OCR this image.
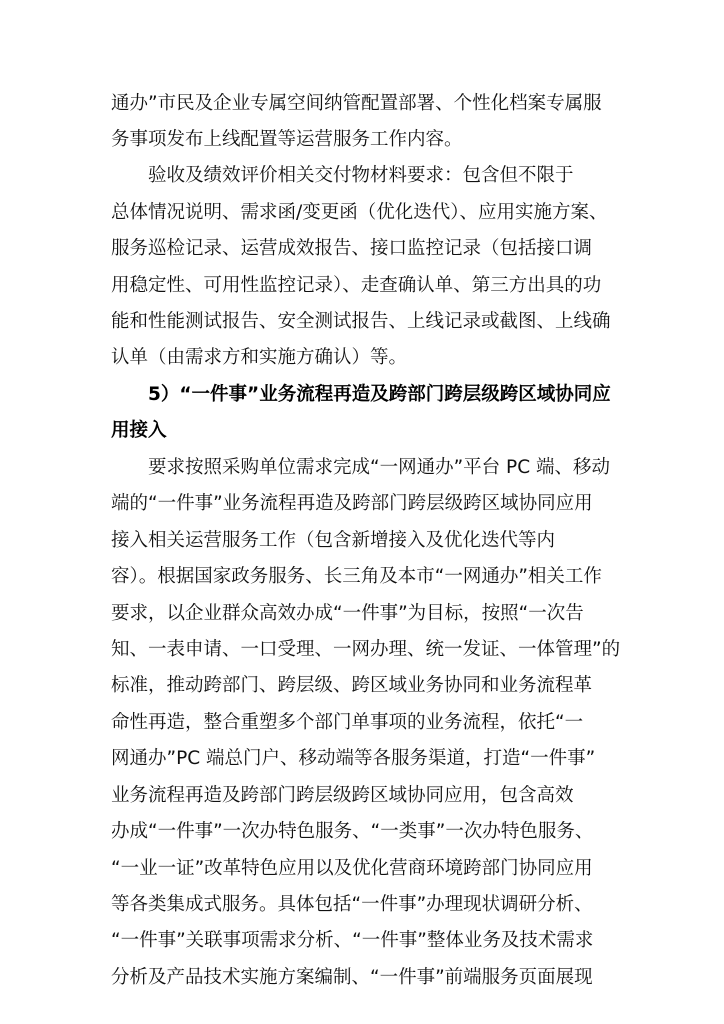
通办”市民及企业专属空间纳管配置部署、个性化档案专属服
务事项发布上线配置等运营服务工作内容。
验收及绩效评价相关交付物材料要求：包含但不限于
总体情况说明、需求函/变更函（优化迭代）、应用实施方案、
服务巡检记录、运营成效报告、接口监控记录（包括接口调
用稳定性、可用性监控记录）、走查确认单、第三方出具的功
能和性能测试报告、安全测试报告、上线记录或截图、上线确
认单（由需求方和实施方确认）等。
5）“一件事”业务流程再造及跨部门跨层级跨区域协同应
用接入
要求按照采购单位需求完成“一网通办”平台 PC 端、移动
端的“一件事”业务流程再造及跨部门跨层级跨区域协同应用
接入相关运营服务工作（包含新增接入及优化迭代等内
容）。根据国家政务服务、长三角及本市“一网通办”相关工作
要求，以企业群众高效办成“一件事”为目标，按照“一次告
知、一表申请、一口受理、一网办理、统一发证、一体管理”的
标准，推动跨部门、跨层级、跨区域业务协同和业务流程革
命性再造，整合重塑多个部门单事项的业务流程，依托“一
网通办”PC 端总门户、移动端等各服务渠道，打造“一件事”
业务流程再造及跨部门跨层级跨区域协同应用，包含高效
办成“一件事”一次办特色服务、“一类事”一次办特色服务、
“一业一证”改革特色应用以及优化营商环境跨部门协同应用
等各类集成式服务。具体包括“一件事”办理现状调研分析、
“一件事”关联事项需求分析、“一件事”整体业务及技术需求
分析及产品技术实施方案编制、“一件事”前端服务页面展现
